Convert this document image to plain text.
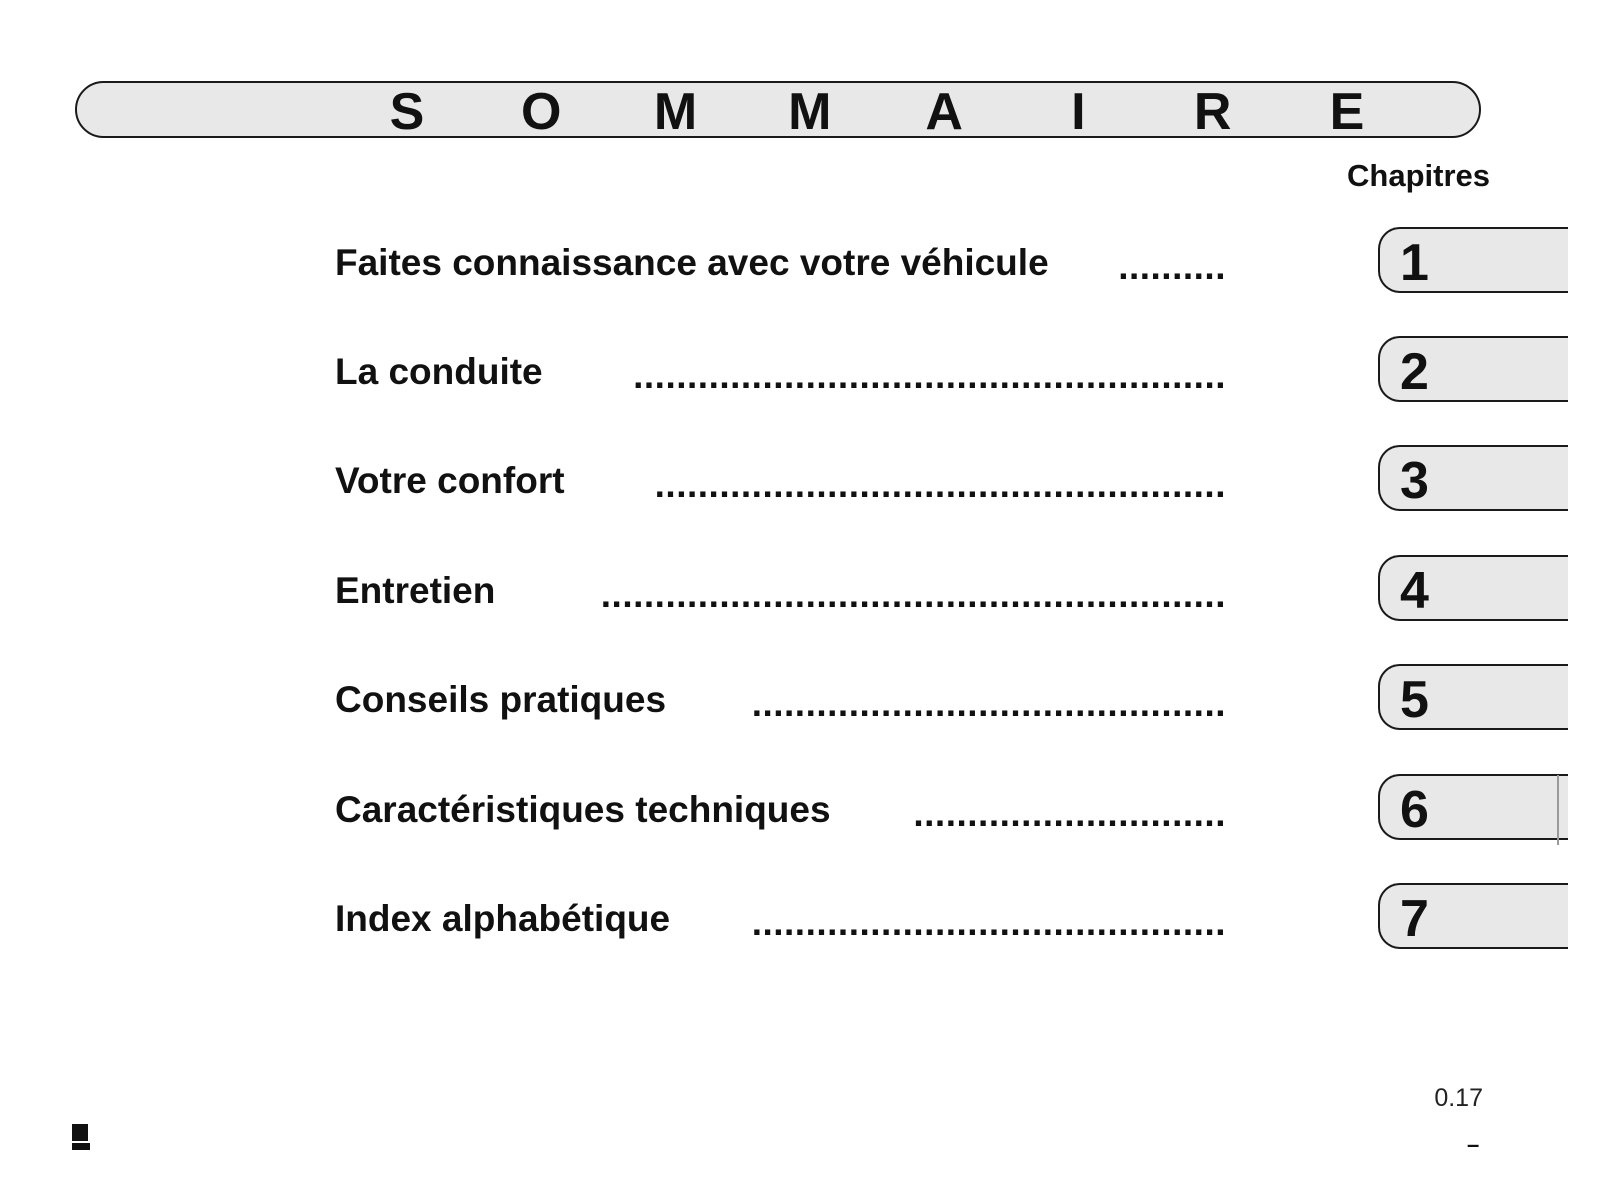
S O M M A	I	R E
Chapitres
Faites connaissance avec votre véhicule ..........	1
La conduite .......................................................	2
Votre confort .....................................................	3
Entretien	..........................................................	4
Conseils pratiques ............................................	5
Caractéristiques techniques .............................	6
Index alphabétique ............................................	7
0.17
–
